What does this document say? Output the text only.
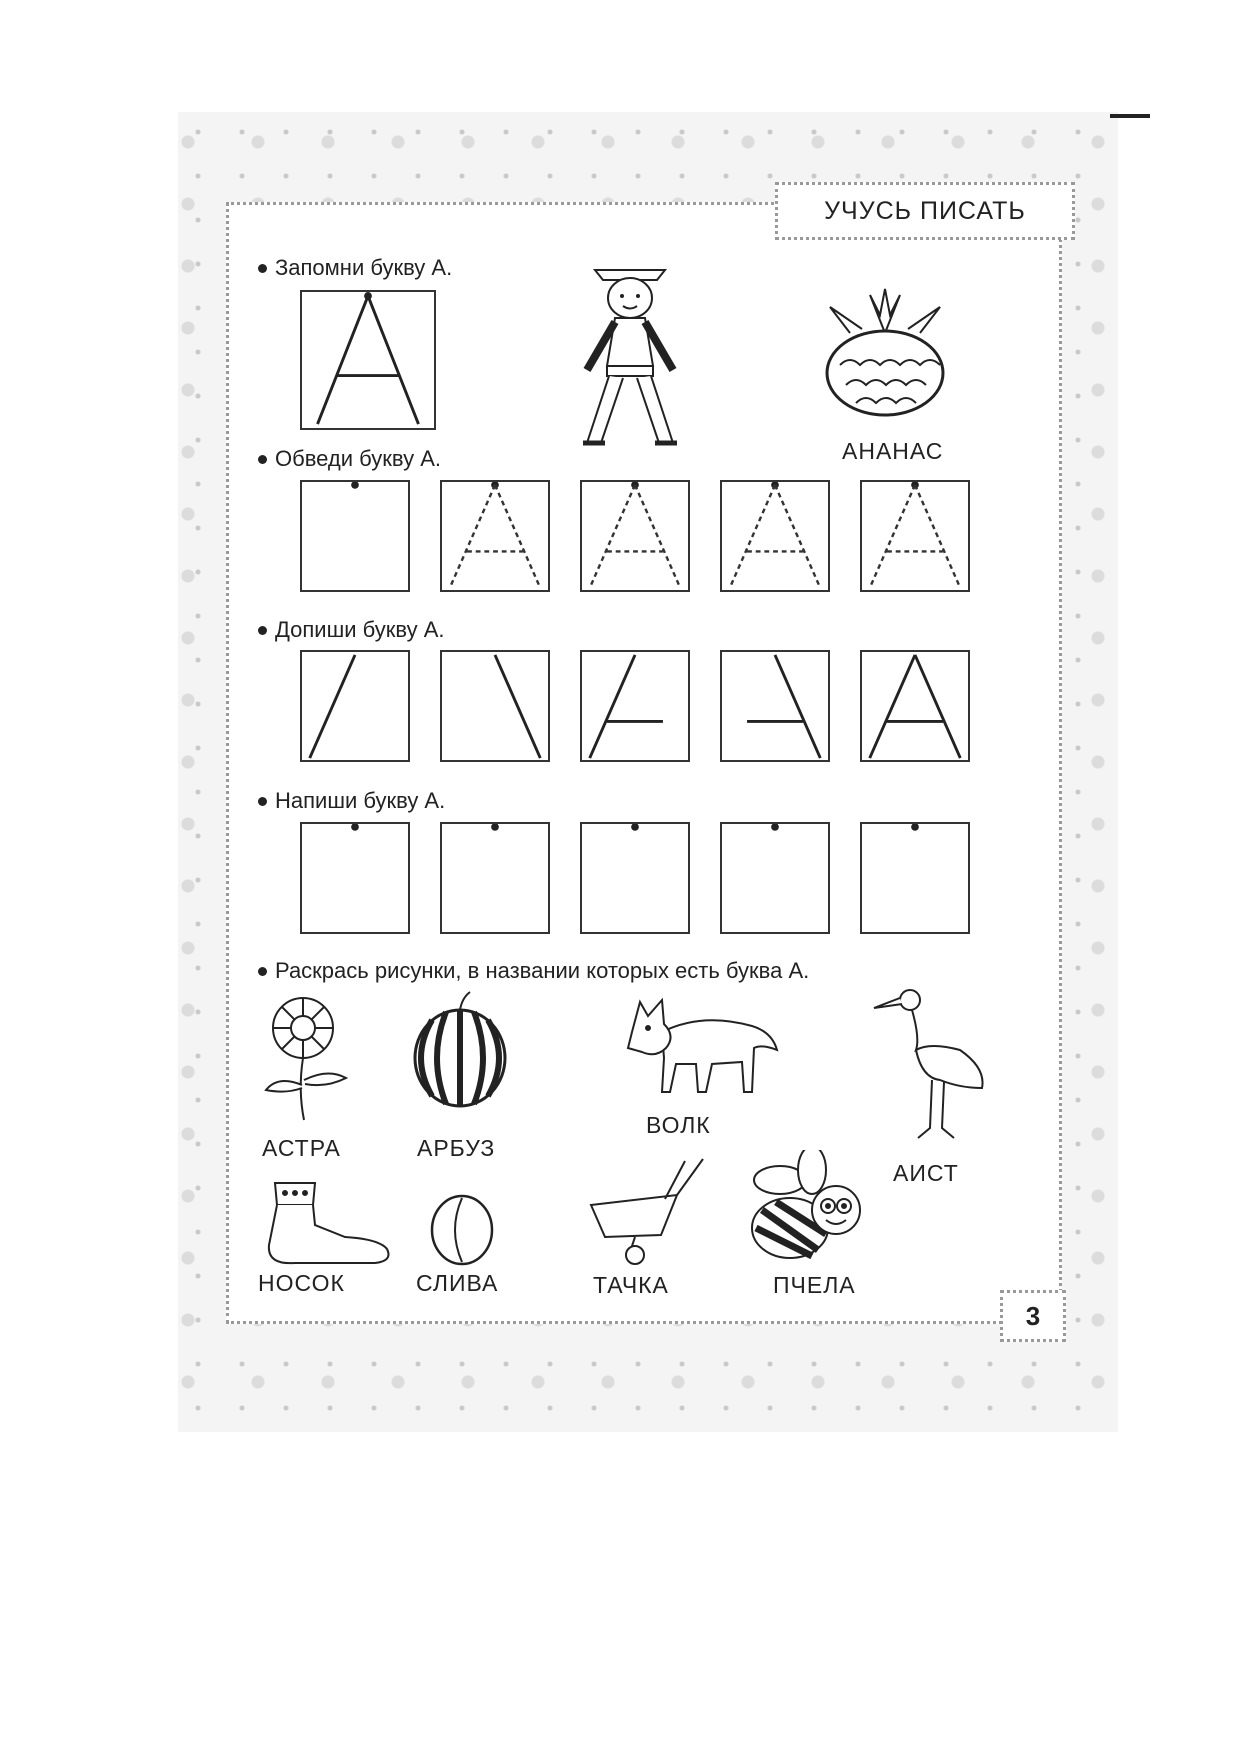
УЧУСЬ ПИСАТЬ
Запомни букву А.
АНАНАС
Обведи букву А.
Допиши букву А.
Напиши букву А.
Раскрась рисунки, в названии которых есть буква А.
АСТРА	АРБУЗ
ВОЛК
АИСТ
НОСОК	СЛИВА	ТАЧКА	ПЧЕЛА
3
